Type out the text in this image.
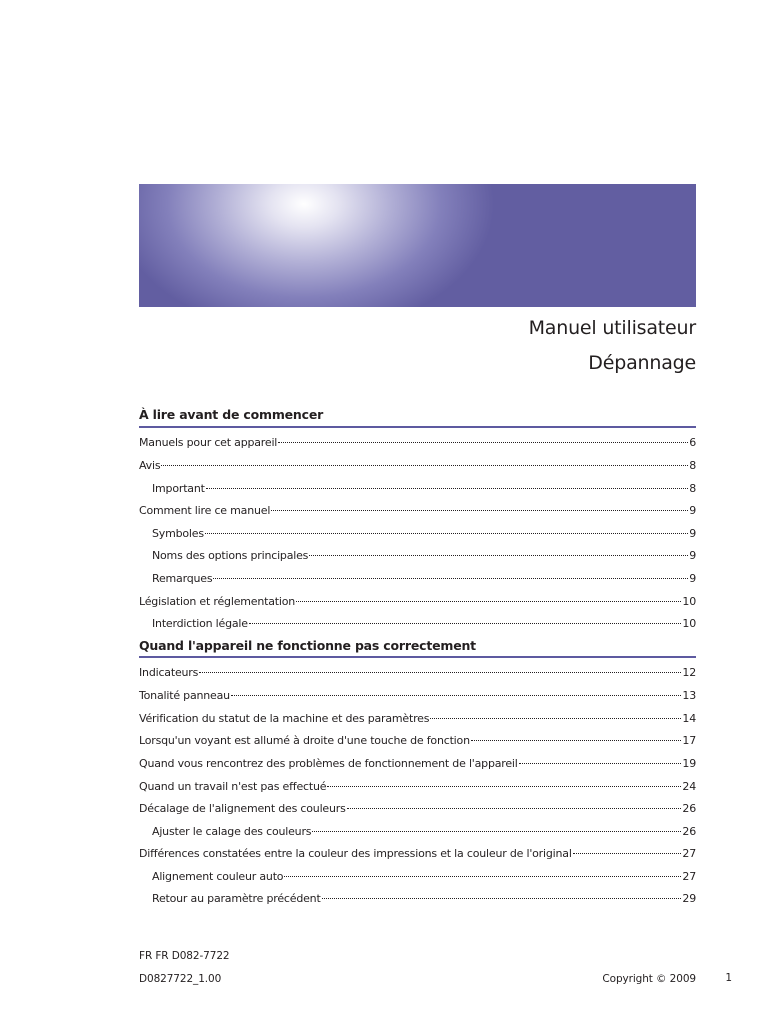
Manuel utilisateur
Dépannage
À lire avant de commencer
Manuels pour cet appareil	6
Avis	8
Important	8
Comment lire ce manuel	9
Symboles	9
Noms des options principales	9
Remarques	9
Législation et réglementation	10
Interdiction légale	10
Quand l'appareil ne fonctionne pas correctement
Indicateurs	12
Tonalité panneau	13
Vérification du statut de la machine et des paramètres	14
Lorsqu'un voyant est allumé à droite d'une touche de fonction	17
Quand vous rencontrez des problèmes de fonctionnement de l'appareil	19
Quand un travail n'est pas effectué	24
Décalage de l'alignement des couleurs	26
Ajuster le calage des couleurs	26
Différences constatées entre la couleur des impressions et la couleur de l'original	27
Alignement couleur auto	27
Retour au paramètre précédent	29
FR FR D082-7722
D0827722_1.00	Copyright © 2009	1
